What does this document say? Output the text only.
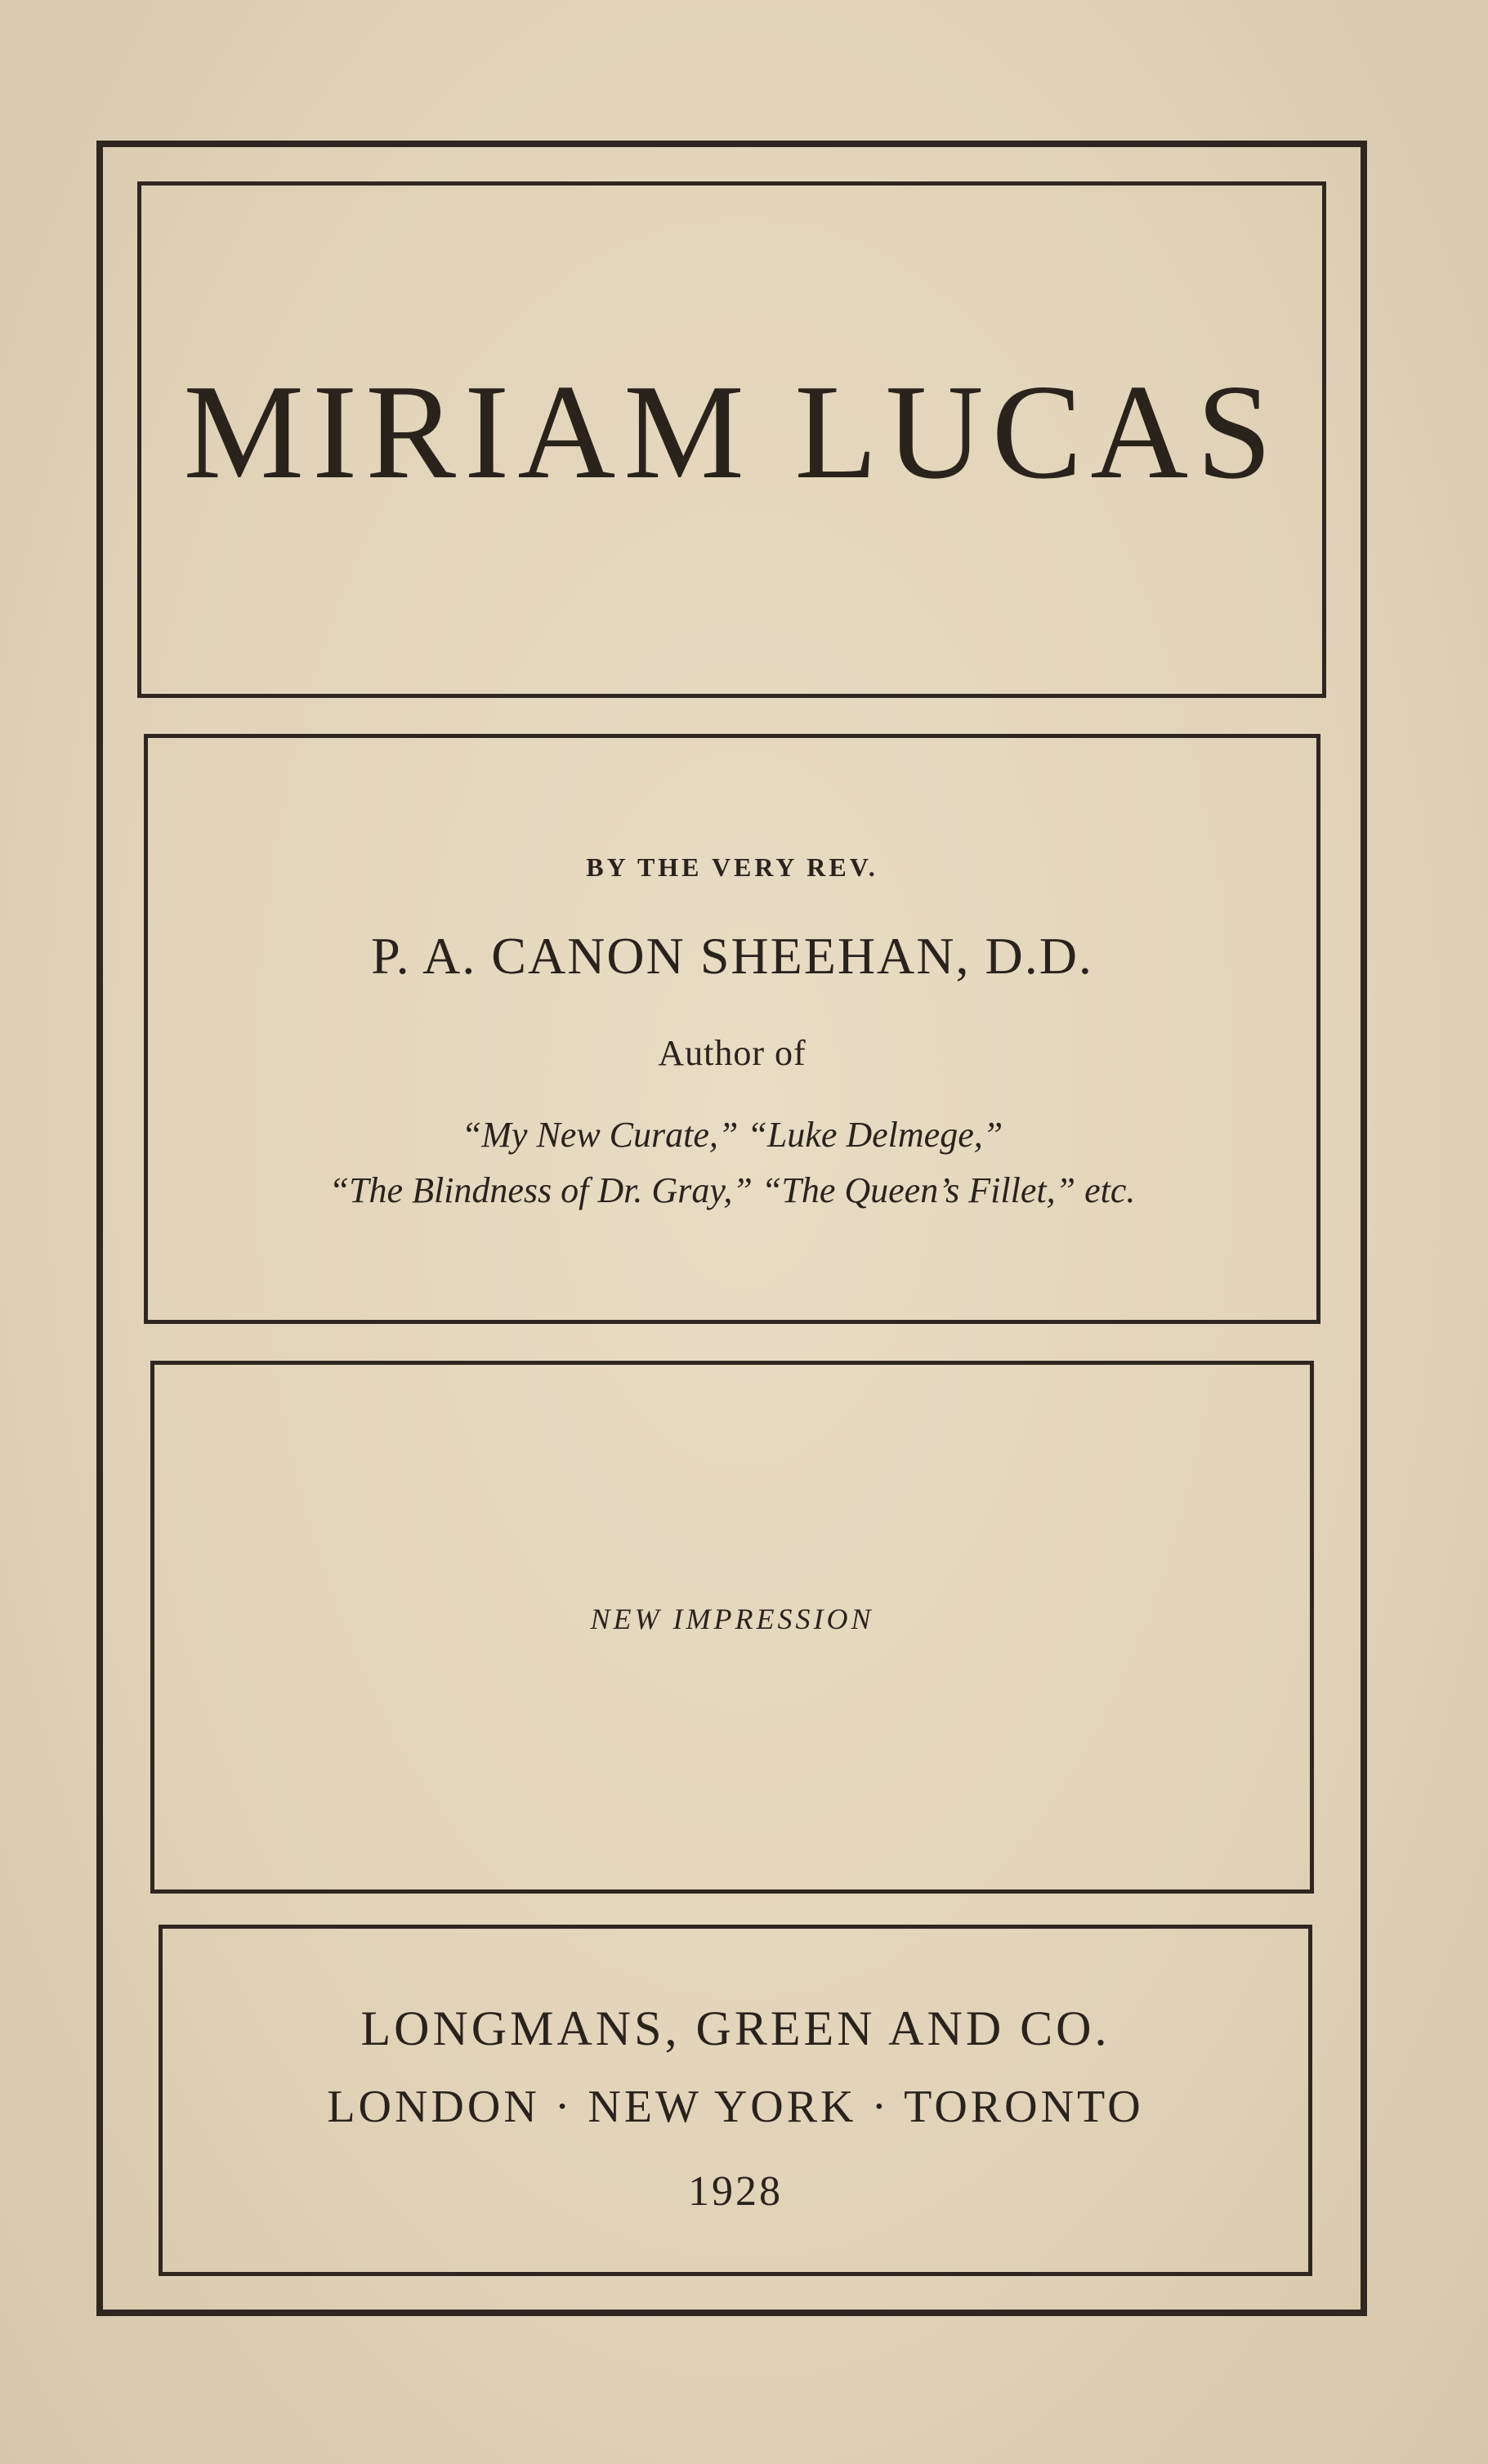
MIRIAM LUCAS
BY THE VERY REV.
P. A. CANON SHEEHAN, D.D.
Author of
“My New Curate,” “Luke Delmege,”
“The Blindness of Dr. Gray,” “The Queen’s Fillet,” etc.
NEW IMPRESSION
LONGMANS, GREEN AND CO.
LONDON · NEW YORK · TORONTO
1928
